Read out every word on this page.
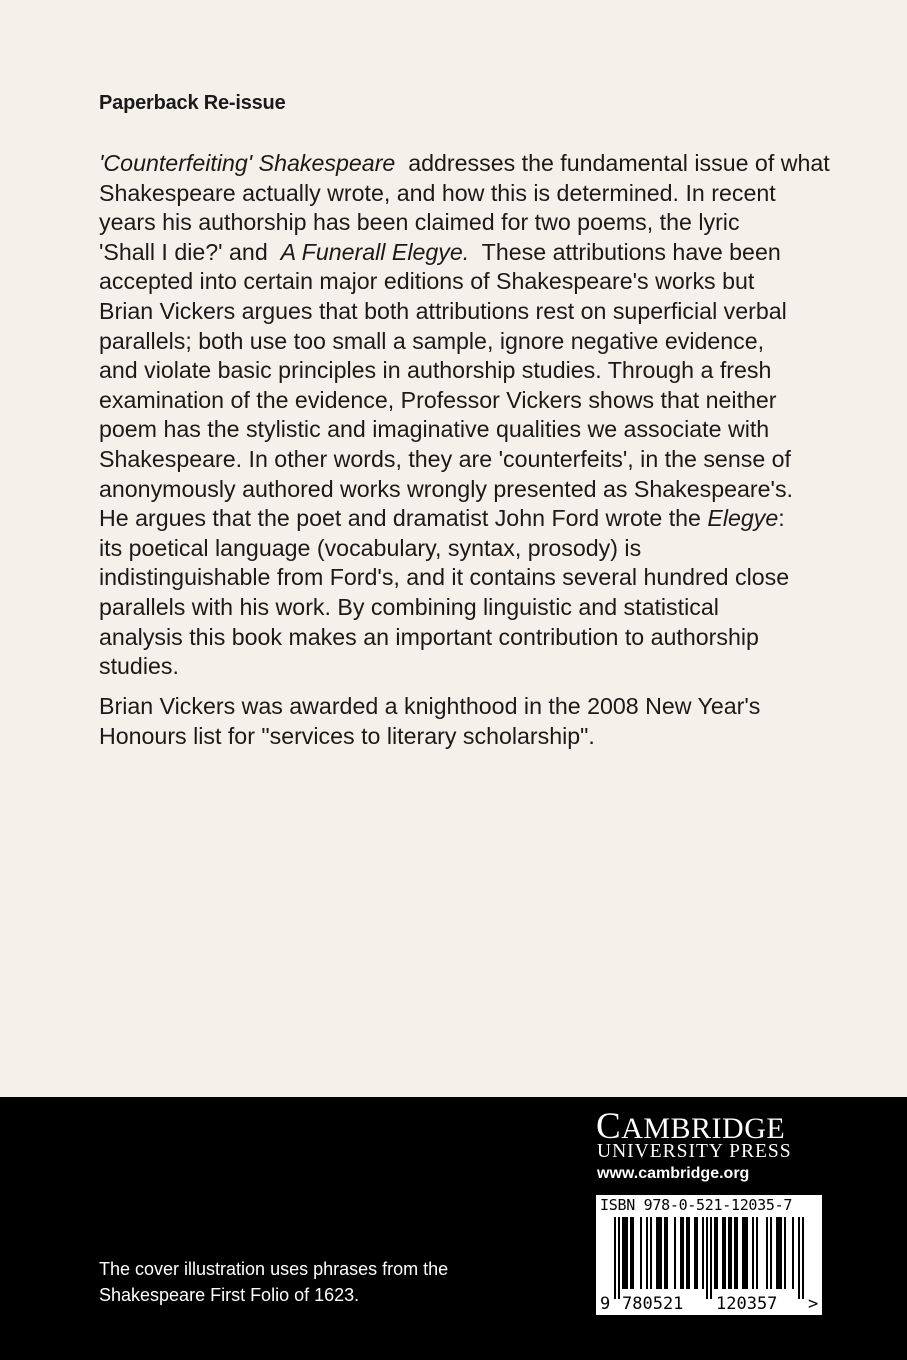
Paperback Re-issue
'Counterfeiting' Shakespeare  addresses the fundamental issue of what
Shakespeare actually wrote, and how this is determined. In recent
years his authorship has been claimed for two poems, the lyric
'Shall I die?' and  A Funerall Elegye.  These attributions have been
accepted into certain major editions of Shakespeare's works but
Brian Vickers argues that both attributions rest on superficial verbal
parallels; both use too small a sample, ignore negative evidence,
and violate basic principles in authorship studies. Through a fresh
examination of the evidence, Professor Vickers shows that neither
poem has the stylistic and imaginative qualities we associate with
Shakespeare. In other words, they are 'counterfeits', in the sense of
anonymously authored works wrongly presented as Shakespeare's.
He argues that the poet and dramatist John Ford wrote the Elegye:
its poetical language (vocabulary, syntax, prosody) is
indistinguishable from Ford's, and it contains several hundred close
parallels with his work. By combining linguistic and statistical
analysis this book makes an important contribution to authorship
studies.
Brian Vickers was awarded a knighthood in the 2008 New Year's
Honours list for "services to literary scholarship".
The cover illustration uses phrases from the
Shakespeare First Folio of 1623.
CAMBRIDGE
UNIVERSITY PRESS
www.cambridge.org
ISBN 978-0-521-12035-7
9 780521 120357 >
